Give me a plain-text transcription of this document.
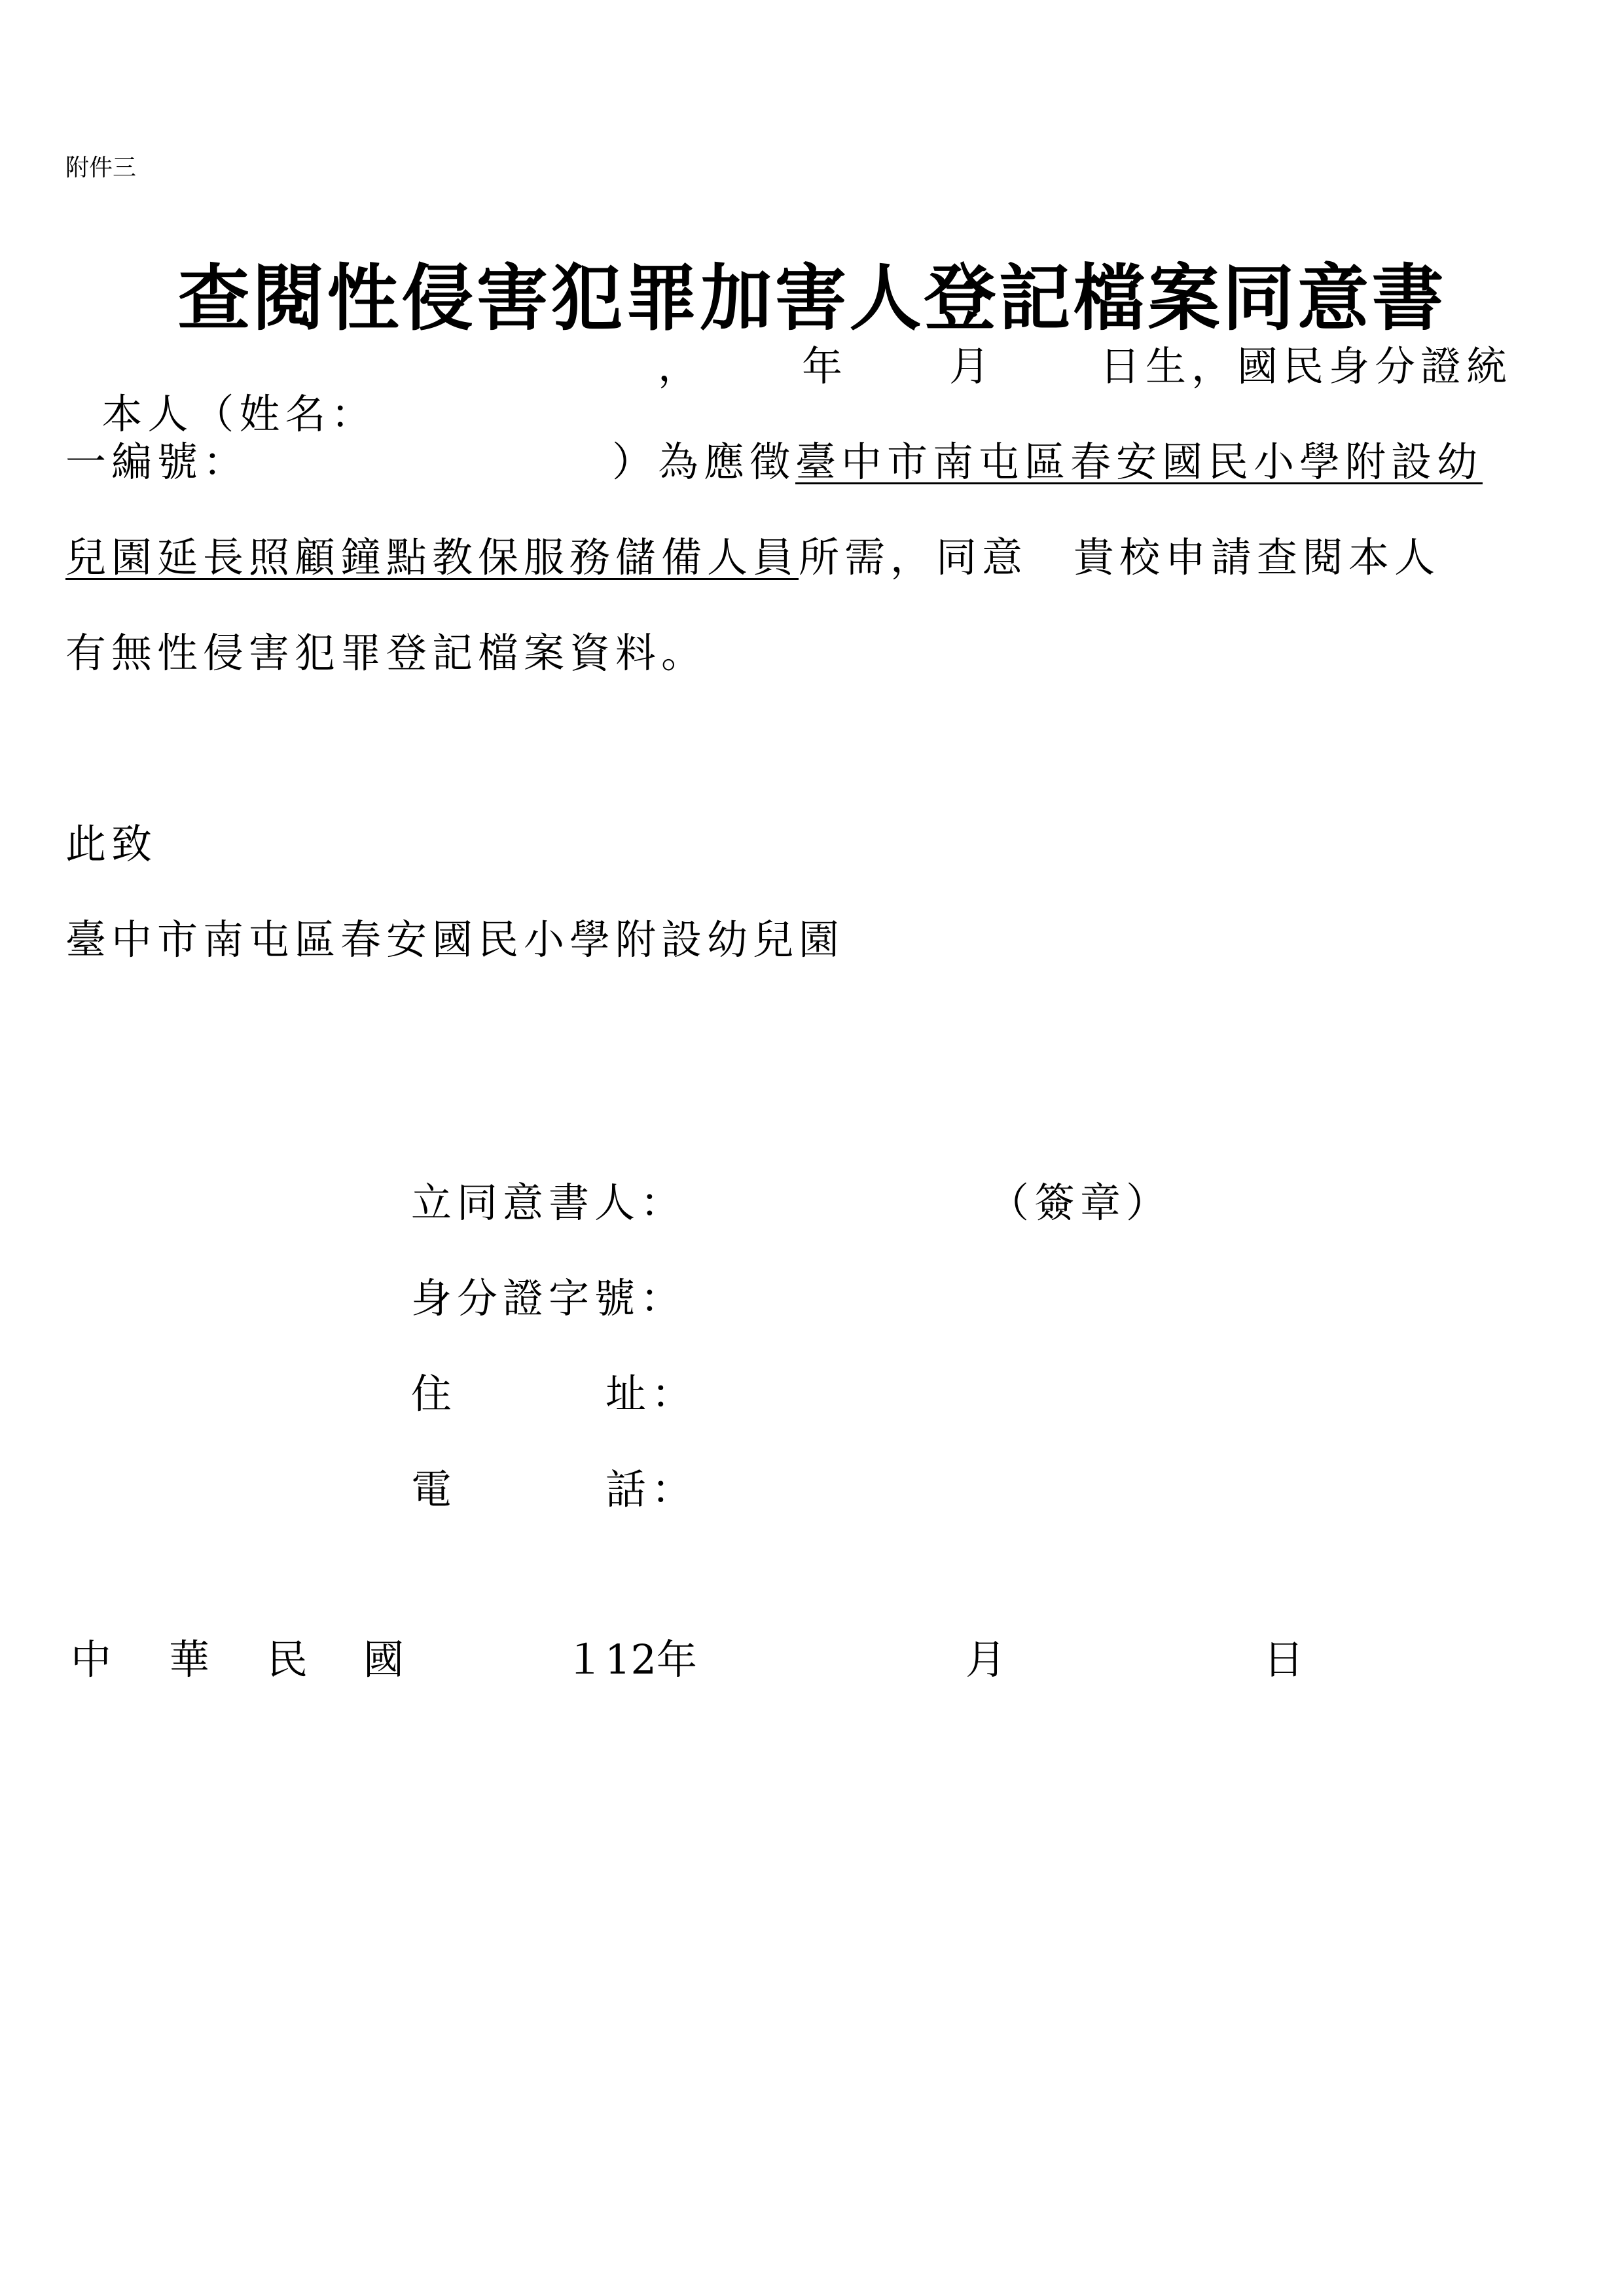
附件三
查閱性侵害犯罪加害人登記檔案同意書

本人（姓名：

， 年 月	日生，國民身分證統
一編號：	）為應徵臺中市南屯區春安國民小學附設幼
兒園延長照顧鐘點教保服務儲備人員所需，同意　貴校申請查閱本人
有無性侵害犯罪登記檔案資料。
此致
臺中市南屯區春安國民小學附設幼兒園
立同意書人：	（簽章）
身分證字號：
住	址：
電	話：
中 華 民 國	１12年	月	日
